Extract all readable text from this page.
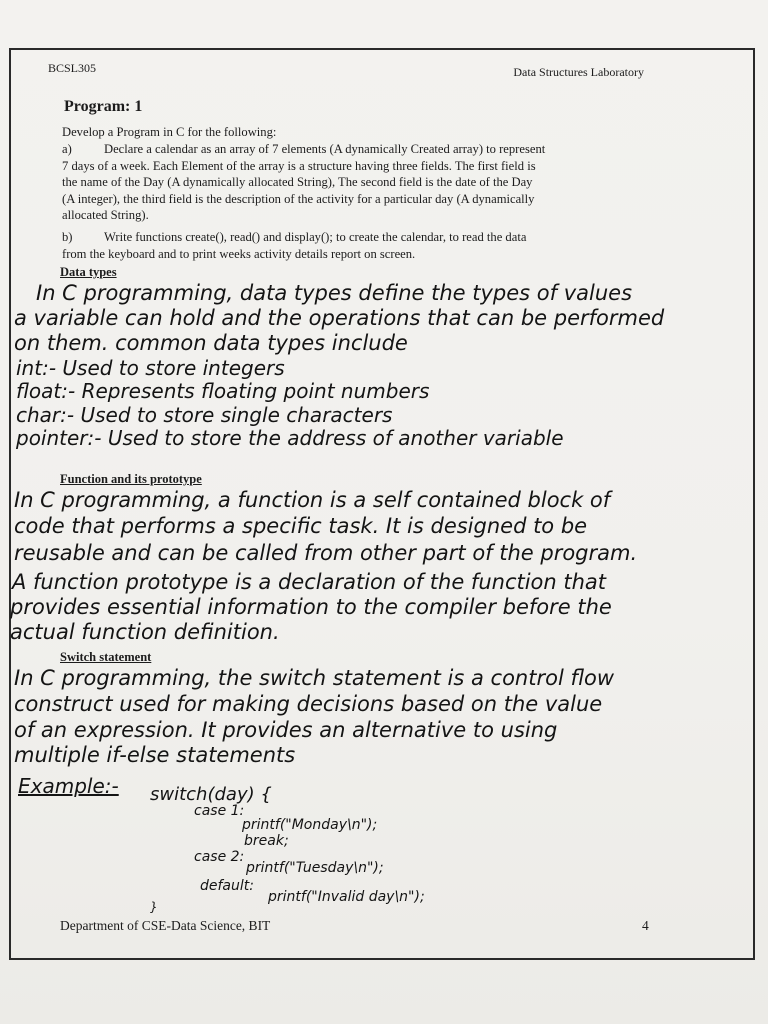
BCSL305	Data Structures Laboratory
Program: 1
Develop a Program in C for the following:
a)	Declare a calendar as an array of 7 elements (A dynamically Created array) to represent
7 days of a week. Each Element of the array is a structure having three fields. The first field is
the name of the Day (A dynamically allocated String), The second field is the date of the Day
(A integer), the third field is the description of the activity for a particular day (A dynamically
allocated String).
b)	Write functions create(), read() and display(); to create the calendar, to read the data
from the keyboard and to print weeks activity details report on screen.
Data types
In C programming, data types define the types of values
a variable can hold and the operations that can be performed
on them. common data types include
int:- Used to store integers
float:- Represents floating point numbers
char:- Used to store single characters
pointer:- Used to store the address of another variable
Function and its prototype
In C programming, a function is a self contained block of
code that performs a specific task. It is designed to be
reusable and can be called from other part of the program.
A function prototype is a declaration of the function that
provides essential information to the compiler before the
actual function definition.
Switch statement
In C programming, the switch statement is a control flow
construct used for making decisions based on the value
of an expression. It provides an alternative to using
multiple if-else statements
Example:- switch(day) {
case 1:
printf("Monday\n");
break;
case 2:
printf("Tuesday\n");
default:
printf("Invalid day\n");
}
Department of CSE-Data Science, BIT	4
